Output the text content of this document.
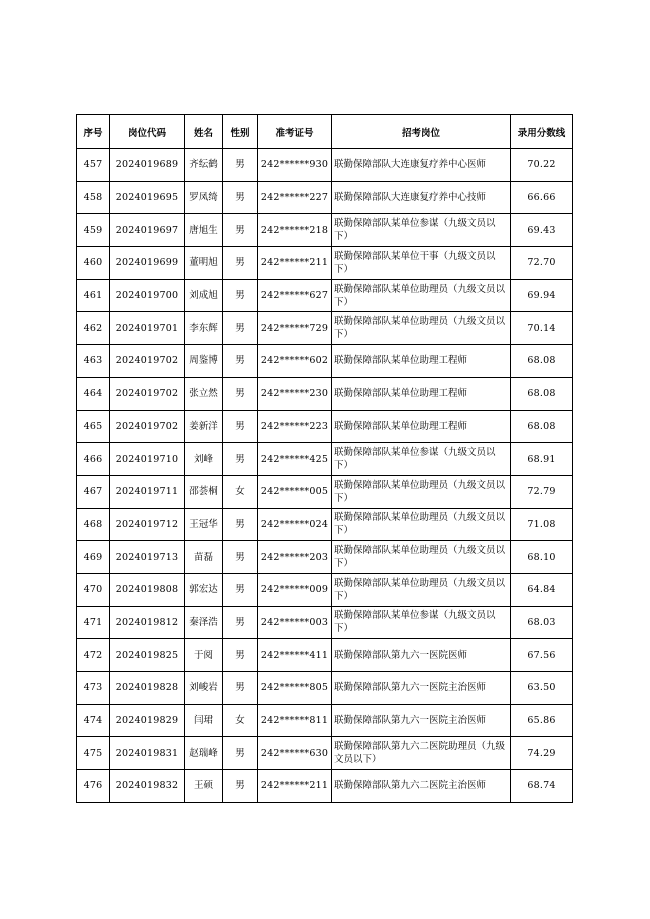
序号	岗位代码	姓名	性别	准考证号	招考岗位	录用分数线
457	2024019689	齐纭鹤	男	242******930	联勤保障部队大连康复疗养中心医师	70.22
458	2024019695	罗凤绮	男	242******227	联勤保障部队大连康复疗养中心技师	66.66
459	2024019697	唐旭生	男	242******218	联勤保障部队某单位参谋（九级文员以下）	69.43
460	2024019699	董明旭	男	242******211	联勤保障部队某单位干事（九级文员以下）	72.70
461	2024019700	刘成旭	男	242******627	联勤保障部队某单位助理员（九级文员以下）	69.94
462	2024019701	李东辉	男	242******729	联勤保障部队某单位助理员（九级文员以下）	70.14
463	2024019702	周鉴博	男	242******602	联勤保障部队某单位助理工程师	68.08
464	2024019702	张立然	男	242******230	联勤保障部队某单位助理工程师	68.08
465	2024019702	姜新洋	男	242******223	联勤保障部队某单位助理工程师	68.08
466	2024019710	刘峰	男	242******425	联勤保障部队某单位参谋（九级文员以下）	68.91
467	2024019711	邵荟桐	女	242******005	联勤保障部队某单位助理员（九级文员以下）	72.79
468	2024019712	王冠华	男	242******024	联勤保障部队某单位助理员（九级文员以下）	71.08
469	2024019713	苗磊	男	242******203	联勤保障部队某单位助理员（九级文员以下）	68.10
470	2024019808	郭宏达	男	242******009	联勤保障部队某单位助理员（九级文员以下）	64.84
471	2024019812	秦泽浩	男	242******003	联勤保障部队某单位参谋（九级文员以下）	68.03
472	2024019825	于阅	男	242******411	联勤保障部队第九六一医院医师	67.56
473	2024019828	刘峻岩	男	242******805	联勤保障部队第九六一医院主治医师	63.50
474	2024019829	闫珺	女	242******811	联勤保障部队第九六一医院主治医师	65.86
475	2024019831	赵瑞峰	男	242******630	联勤保障部队第九六二医院助理员（九级文员以下）	74.29
476	2024019832	王硕	男	242******211	联勤保障部队第九六二医院主治医师	68.74
